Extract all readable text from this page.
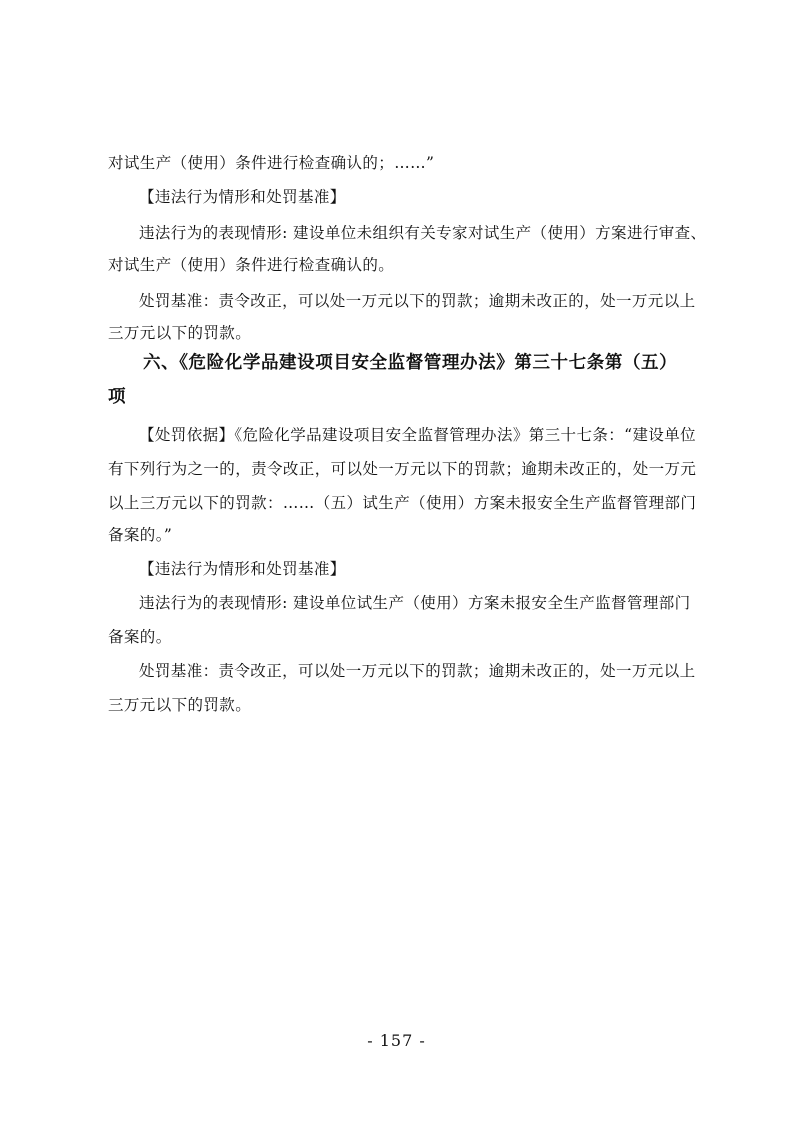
对试生产（使用）条件进行检查确认的；……”
【违法行为情形和处罚基准】
违法行为的表现情形: 建设单位未组织有关专家对试生产（使用）方案进行审查、
对试生产（使用）条件进行检查确认的。
处罚基准：责令改正，可以处一万元以下的罚款；逾期未改正的，处一万元以上
三万元以下的罚款。
六、《危险化学品建设项目安全监督管理办法》第三十七条第（五）
项
【处罚依据】《危险化学品建设项目安全监督管理办法》第三十七条：“建设单位
有下列行为之一的，责令改正，可以处一万元以下的罚款；逾期未改正的，处一万元
以上三万元以下的罚款：……（五）试生产（使用）方案未报安全生产监督管理部门
备案的。”
【违法行为情形和处罚基准】
违法行为的表现情形: 建设单位试生产（使用）方案未报安全生产监督管理部门
备案的。
处罚基准：责令改正，可以处一万元以下的罚款；逾期未改正的，处一万元以上
三万元以下的罚款。
- 157 -
